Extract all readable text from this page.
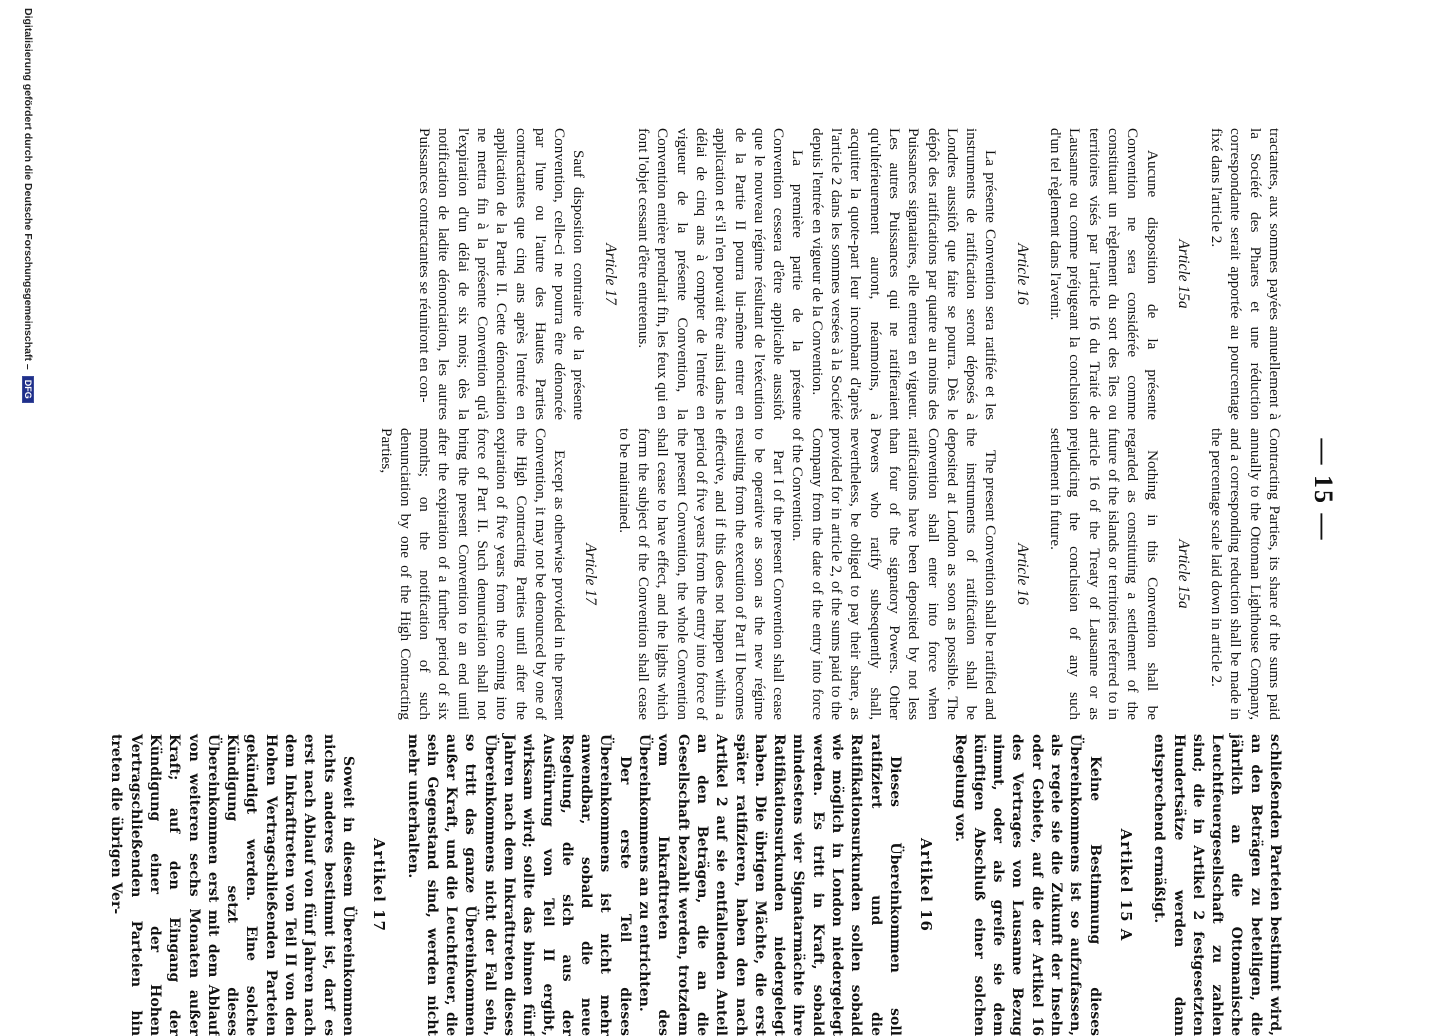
— 15 —

tractantes, aux sommes payées annuellement à la Société des Phares et une réduction correspondante serait apportée au pourcentage fixé dans l'article 2.

Article 15a

Aucune disposition de la présente Convention ne sera considérée comme constituant un règlement du sort des îles ou territoires visés par l'article 16 du Traité de Lausanne ou comme préjugeant la conclusion d'un tel règlement dans l'avenir.

Article 16

La présente Convention sera ratifiée et les instruments de ratification seront déposés à Londres aussitôt que faire se pourra. Dès le dépôt des ratifications par quatre au moins des Puissances signataires, elle entrera en vigueur. Les autres Puissances qui ne ratifieraient qu'ultérieurement auront, néanmoins, à acquitter la quote-part leur incombant d'après l'article 2 dans les sommes versées à la Société depuis l'entrée en vigueur de la Convention.

La première partie de la présente Convention cessera d'être applicable aussitôt que le nouveau régime résultant de l'exécution de la Partie II pourra lui-même entrer en application et s'il n'en pouvait être ainsi dans le délai de cinq ans à compter de l'entrée en vigueur de la présente Convention, la Convention entière prendrait fin, les feux qui en font l'objet cessant d'être entretenus.

Article 17

Sauf disposition contraire de la présente Convention, celle-ci ne pourra être dénoncée par l'une ou l'autre des Hautes Parties contractantes que cinq ans après l'entrée en application de la Partie II. Cette dénonciation ne mettra fin à la présente Convention qu'à l'expiration d'un délai de six mois; dès la notification de ladite dénonciation, les autres Puissances contractantes se réuniront en con-

Contracting Parties, its share of the sums paid annually to the Ottoman Lighthouse Company, and a corresponding reduction shall be made in the percentage scale laid down in article 2.

Article 15a

Nothing in this Convention shall be regarded as constituting a settlement of the future of the islands or territories referred to in article 16 of the Treaty of Lausanne or as prejudicing the conclusion of any such settlement in future.

Article 16

The present Convention shall be ratified and the instruments of ratification shall be deposited at London as soon as possible. The Convention shall enter into force when ratifications have been deposited by not less than four of the signatory Powers. Other Powers who ratify subsequently shall, nevertheless, be obliged to pay their share, as provided for in article 2, of the sums paid to the Company from the date of the entry into force of the Convention.

Part I of the present Convention shall cease to be operative as soon as the new régime resulting from the execution of Part II becomes effective, and if this does not happen within a period of five years from the entry into force of the present Convention, the whole Convention shall cease to have effect, and the lights which form the subject of the Convention shall cease to be maintained.

Article 17

Except as otherwise provided in the present Convention, it may not be denounced by one of the High Contracting Parties until after the expiration of five years from the coming into force of Part II. Such denunciation shall not bring the present Convention to an end until after the expiration of a further period of six months; on the notification of such denunciation by one of the High Contracting Parties,

schließenden Parteien bestimmt wird, an den Beträgen zu beteiligen, die jährlich an die Ottomanische Leuchtfeuergesellschaft zu zahlen sind; die in Artikel 2 festgesetzten Hundertsätze werden dann entsprechend ermäßigt.

Artikel 15 A

Keine Bestimmung dieses Übereinkommens ist so aufzufassen, als regele sie die Zukunft der Inseln oder Gebiete, auf die der Artikel 16 des Vertrages von Lausanne Bezug nimmt, oder als greife sie dem künftigen Abschluß einer solchen Regelung vor.

Artikel 16

Dieses Übereinkommen soll ratifiziert und die Ratifikationsurkunden sollen sobald wie möglich in London niedergelegt werden. Es tritt in Kraft, sobald mindestens vier Signatarmächte ihre Ratifikationsurkunden niedergelegt haben. Die übrigen Mächte, die erst später ratifizieren, haben den nach Artikel 2 auf sie entfallenden Anteil an den Beträgen, die an die Gesellschaft bezahlt werden, trotzdem vom Inkrafttreten des Übereinkommens an zu entrichten.

Der erste Teil dieses Übereinkommens ist nicht mehr anwendbar, sobald die neue Regelung, die sich aus der Ausführung von Teil II ergibt, wirksam wird; sollte das binnen fünf Jahren nach dem Inkrafttreten dieses Übereinkommens nicht der Fall sein, so tritt das ganze Übereinkommen außer Kraft, und die Leuchtfeuer, die sein Gegenstand sind, werden nicht mehr unterhalten.

Artikel 17

Soweit in diesem Übereinkommen nichts anderes bestimmt ist, darf es erst nach Ablauf von fünf Jahren nach dem Inkrafttreten von Teil II von den Hohen Vertragschließenden Parteien gekündigt werden. Eine solche Kündigung setzt dieses Übereinkommen erst mit dem Ablauf von weiteren sechs Monaten außer Kraft; auf den Eingang der Kündigung einer der Hohen Vertragschließenden Parteien hin treten die übrigen Ver-

Digitalisierung gefördert durch die Deutsche Forschungsgemeinschaft –DFG
